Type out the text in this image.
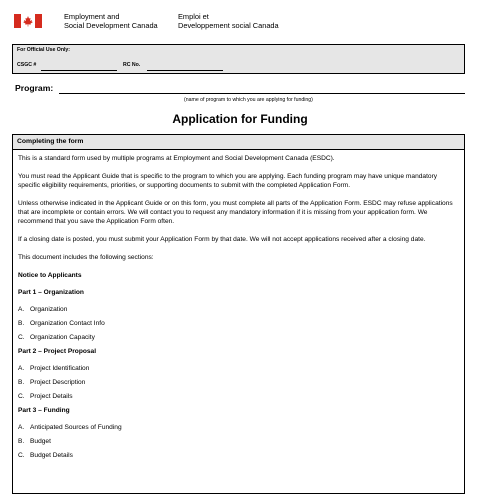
Employment and
Social Development Canada
Emploi et
Developpement social Canada
For Official Use Only:
CSGC #	RC No.
Program:
(name of program to which you are applying for funding)
Application for Funding
Completing the form

This is a standard form used by multiple programs at Employment and Social Development Canada (ESDC).

You must read the Applicant Guide that is specific to the program to which you are applying. Each funding program may have unique mandatory specific eligibility requirements, priorities, or supporting documents to submit with the completed Application Form.

Unless otherwise indicated in the Applicant Guide or on this form, you must complete all parts of the Application Form. ESDC may refuse applications that are incomplete or contain errors. We will contact you to request any mandatory information if it is missing from your application form. We recommend that you save the Application Form often.

If a closing date is posted, you must submit your Application Form by that date. We will not accept applications received after a closing date.

This document includes the following sections:

Notice to Applicants
Part 1 – Organization
A. Organization
B. Organization Contact Info
C. Organization Capacity
Part 2 – Project Proposal
A. Project Identification
B. Project Description
C. Project Details
Part 3 – Funding
A. Anticipated Sources of Funding
B. Budget
C. Budget Details
